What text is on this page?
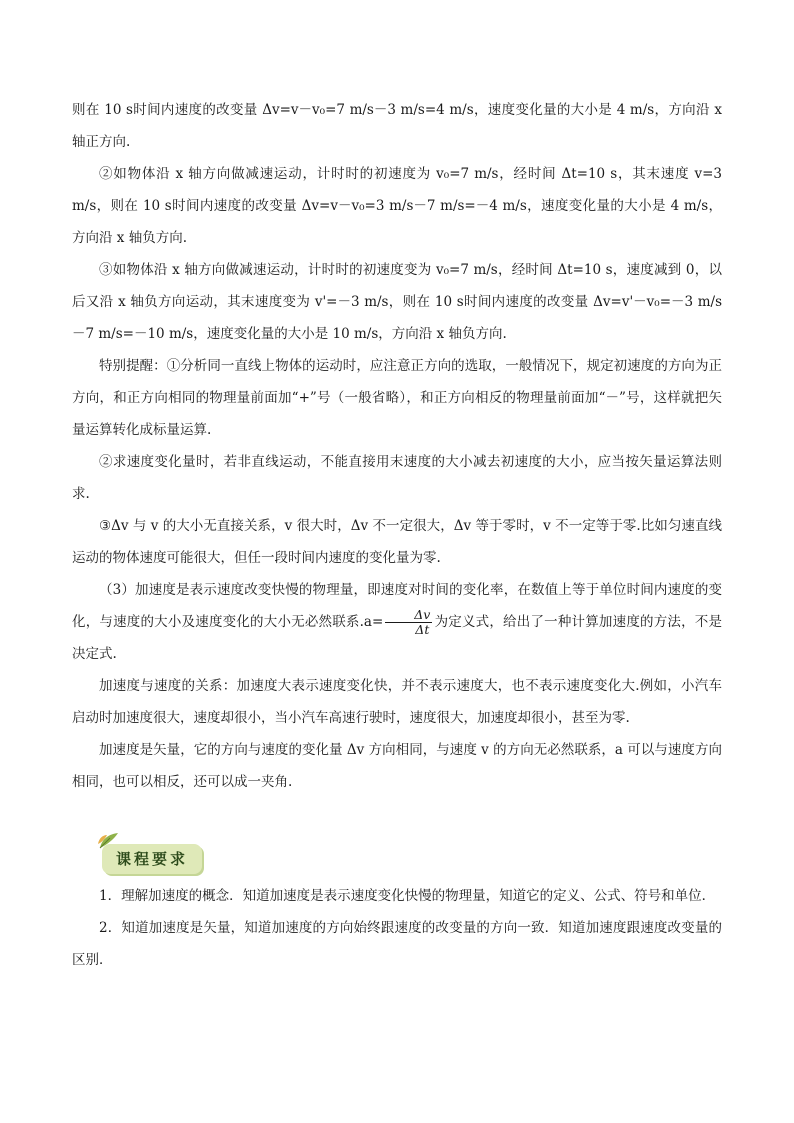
则在 10 s时间内速度的改变量 Δv=v－v₀=7 m/s－3 m/s=4 m/s，速度变化量的大小是 4 m/s，方向沿 x 轴正方向.

②如物体沿 x 轴方向做减速运动，计时时的初速度为 v₀=7 m/s，经时间 Δt=10 s，其末速度 v=3 m/s，则在 10 s时间内速度的改变量 Δv=v－v₀=3 m/s－7 m/s=－4 m/s，速度变化量的大小是 4 m/s，方向沿 x 轴负方向.

③如物体沿 x 轴方向做减速运动，计时时的初速度变为 v₀=7 m/s，经时间 Δt=10 s，速度减到 0，以后又沿 x 轴负方向运动，其末速度变为 v'=－3 m/s，则在 10 s时间内速度的改变量 Δv=v'－v₀=－3 m/s－7 m/s=－10 m/s，速度变化量的大小是 10 m/s，方向沿 x 轴负方向.

特别提醒：①分析同一直线上物体的运动时，应注意正方向的选取，一般情况下，规定初速度的方向为正方向，和正方向相同的物理量前面加“+”号（一般省略），和正方向相反的物理量前面加“－”号，这样就把矢量运算转化成标量运算.

②求速度变化量时，若非直线运动，不能直接用末速度的大小减去初速度的大小，应当按矢量运算法则求.

③Δv 与 v 的大小无直接关系，v 很大时，Δv 不一定很大，Δv 等于零时，v 不一定等于零.比如匀速直线运动的物体速度可能很大，但任一段时间内速度的变化量为零.

（3）加速度是表示速度改变快慢的物理量，即速度对时间的变化率，在数值上等于单位时间内速度的变化，与速度的大小及速度变化的大小无必然联系$.a= \frac{\Delta v}{\Delta t}$ 为定义式，给出了一种计算加速度的方法，不是决定式.

加速度与速度的关系：加速度大表示速度变化快，并不表示速度大，也不表示速度变化大.例如，小汽车启动时加速度很大，速度却很小，当小汽车高速行驶时，速度很大，加速度却很小，甚至为零.

加速度是矢量，它的方向与速度的变化量 Δv 方向相同，与速度 v 的方向无必然联系，a 可以与速度方向相同，也可以相反，还可以成一夹角.

课程要求

1．理解加速度的概念．知道加速度是表示速度变化快慢的物理量，知道它的定义、公式、符号和单位．

2．知道加速度是矢量，知道加速度的方向始终跟速度的改变量的方向一致．知道加速度跟速度改变量的区别．
